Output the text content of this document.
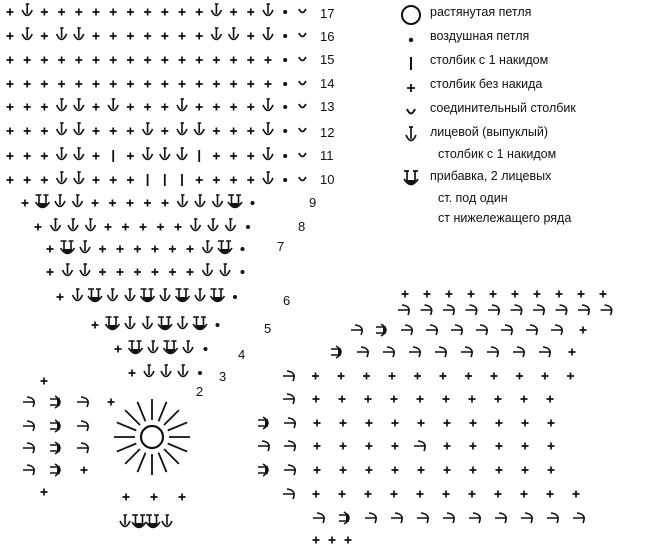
2
3
4
5
6
7
8
9
10
11
12
13
14
15
16
17	растянутая петля
воздушная петля
столбик с 1 накидом
столбик без накида
соединительный столбик
лицевой (выпуклый)
столбик с 1 накидом
прибавка, 2 лицевых
ст. под один
ст нижележащего ряда
